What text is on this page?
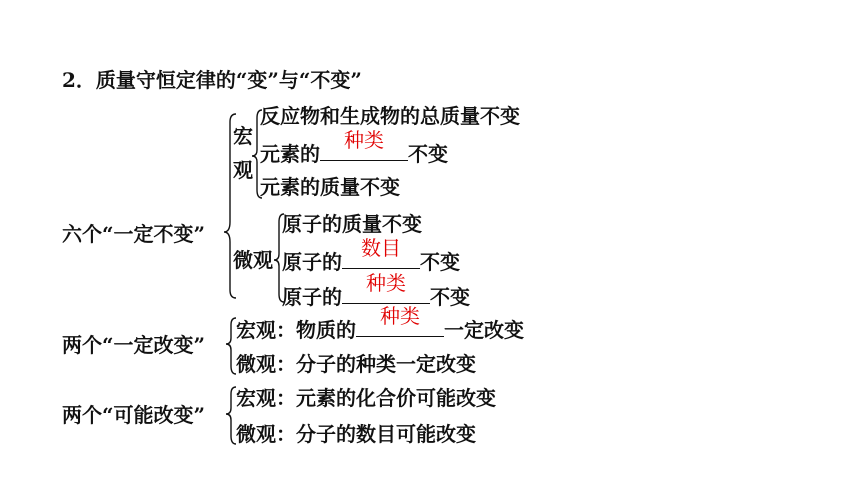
2．质量守恒定律的“变”与“不变”
六个“一定不变”
宏
观
反应物和生成物的总质量不变
元素的
种类
不变
元素的质量不变
微观
原子的质量不变
原子的
数目
不变
原子的
种类
不变
两个“一定改变”
宏观：物质的
种类
一定改变
微观：分子的种类一定改变
两个“可能改变”
宏观：元素的化合价可能改变
微观：分子的数目可能改变
